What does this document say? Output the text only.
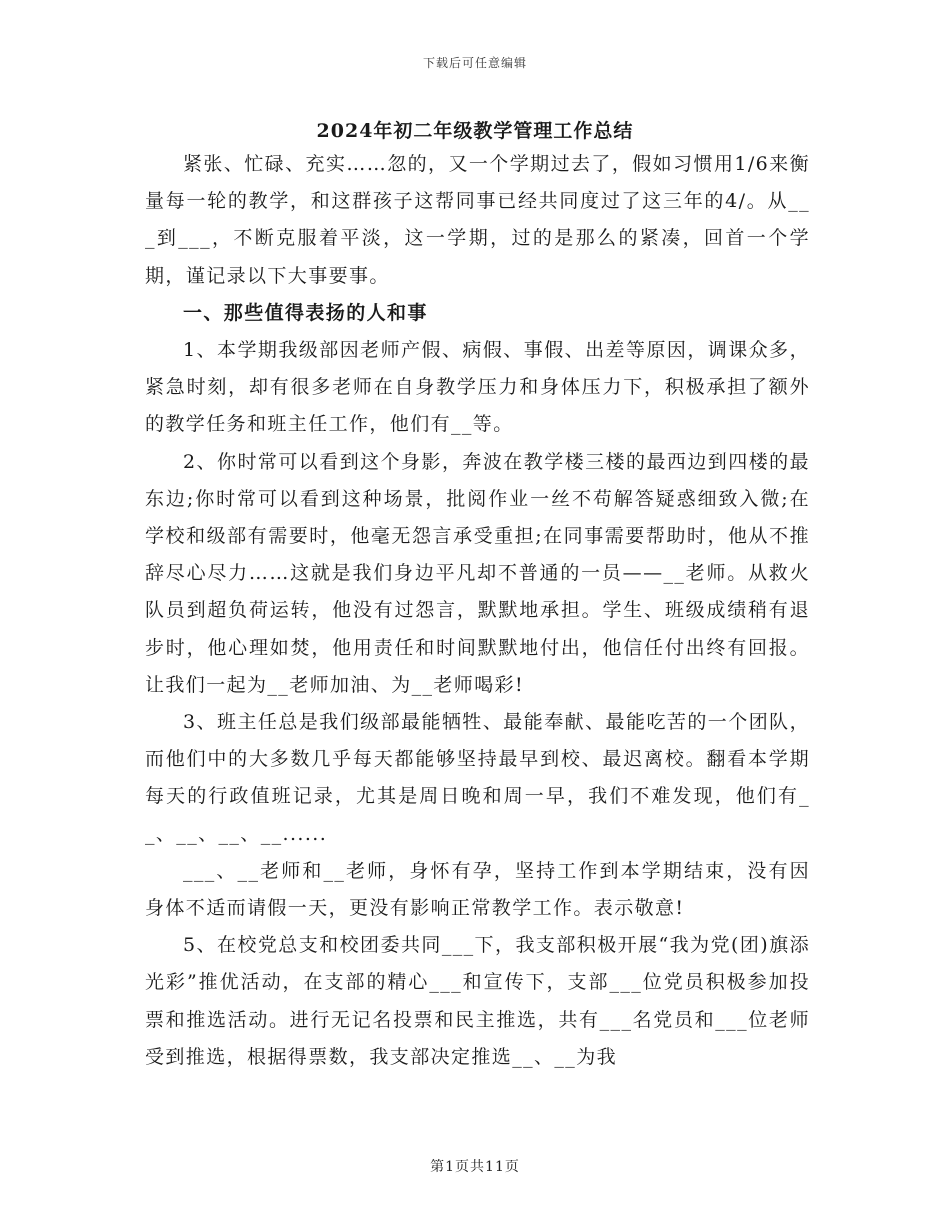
下载后可任意编辑
2024年初二年级教学管理工作总结

紧张、忙碌、充实……忽的，又一个学期过去了，假如习惯用1/6来衡量每一轮的教学，和这群孩子这帮同事已经共同度过了这三年的4/。从___到___，不断克服着平淡，这一学期，过的是那么的紧凑，回首一个学期，谨记录以下大事要事。

一、那些值得表扬的人和事

1、本学期我级部因老师产假、病假、事假、出差等原因，调课众多，紧急时刻，却有很多老师在自身教学压力和身体压力下，积极承担了额外的教学任务和班主任工作，他们有__等。

2、你时常可以看到这个身影，奔波在教学楼三楼的最西边到四楼的最东边;你时常可以看到这种场景，批阅作业一丝不苟解答疑惑细致入微;在学校和级部有需要时，他毫无怨言承受重担;在同事需要帮助时，他从不推辞尽心尽力……这就是我们身边平凡却不普通的一员——__老师。从救火队员到超负荷运转，他没有过怨言，默默地承担。学生、班级成绩稍有退步时，他心理如焚，他用责任和时间默默地付出，他信任付出终有回报。让我们一起为__老师加油、为__老师喝彩!

3、班主任总是我们级部最能牺牲、最能奉献、最能吃苦的一个团队，而他们中的大多数几乎每天都能够坚持最早到校、最迟离校。翻看本学期每天的行政值班记录，尤其是周日晚和周一早，我们不难发现，他们有__、__、__、__......

___、__老师和__老师，身怀有孕，坚持工作到本学期结束，没有因身体不适而请假一天，更没有影响正常教学工作。表示敬意!

5、在校党总支和校团委共同___下，我支部积极开展“我为党(团)旗添光彩”推优活动，在支部的精心___和宣传下，支部___位党员积极参加投票和推选活动。进行无记名投票和民主推选，共有___名党员和___位老师受到推选，根据得票数，我支部决定推选__、__为我

第1页共11页
